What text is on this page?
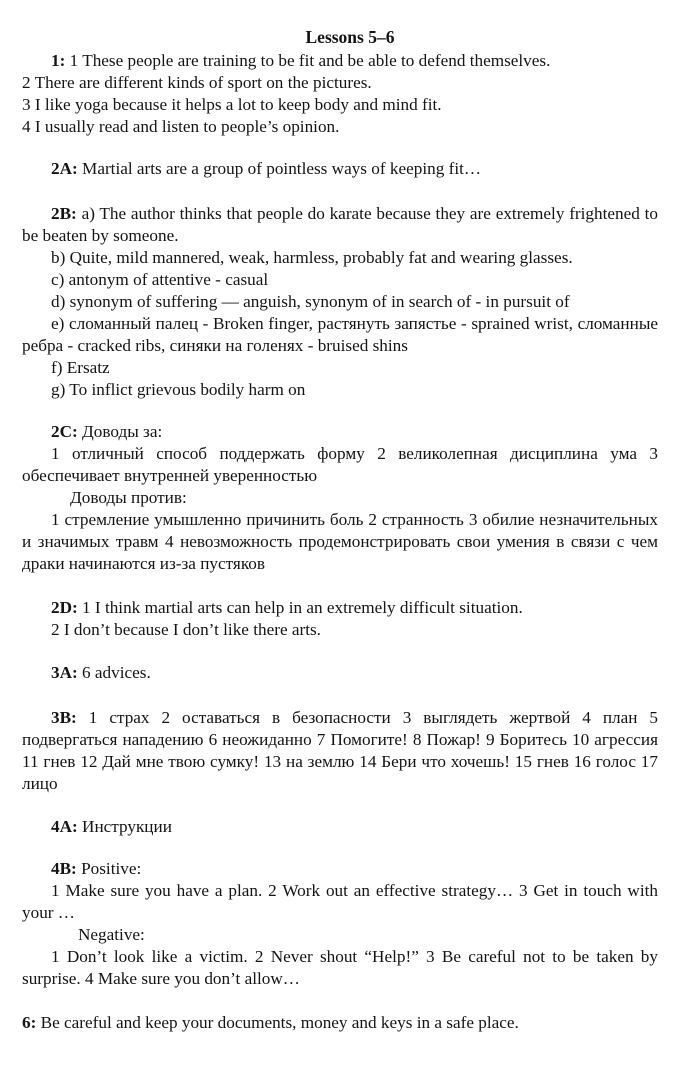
Lessons 5–6

1: 1 These people are training to be fit and be able to defend themselves.

2 There are different kinds of sport on the pictures.

3 I like yoga because it helps a lot to keep body and mind fit.

4 I usually read and listen to people’s opinion.

2A: Martial arts are a group of pointless ways of keeping fit…

2B: a) The author thinks that people do karate because they are extremely frightened to be beaten by someone.

b) Quite, mild mannered, weak, harmless, probably fat and wearing glasses.

c) antonym of attentive - casual

d) synonym of suffering — anguish, synonym of in search of - in pursuit of

e) сломанный палец - Broken finger, растянуть запястье - sprained wrist, сломанные ребра - cracked ribs, синяки на голенях - bruised shins

f) Ersatz

g) To inflict grievous bodily harm on

2C: Доводы за:

1 отличный способ поддержать форму 2 великолепная дисциплина ума 3 обеспечивает внутренней уверенностью

Доводы против:

1 стремление умышленно причинить боль 2 странность 3 обилие незначительных и значимых травм 4 невозможность продемонстрировать свои умения в связи с чем драки начинаются из-за пустяков

2D: 1 I think martial arts can help in an extremely difficult situation.

2 I don’t because I don’t like there arts.

3A: 6 advices.

3B: 1 страх 2 оставаться в безопасности 3 выглядеть жертвой 4 план 5 подвергаться нападению 6 неожиданно 7 Помогите! 8 Пожар! 9 Боритесь 10 агрессия 11 гнев 12 Дай мне твою сумку! 13 на землю 14 Бери что хочешь! 15 гнев 16 голос 17 лицо

4A: Инструкции

4B: Positive:

1 Make sure you have a plan. 2 Work out an effective strategy… 3 Get in touch with your …

Negative:

1 Don’t look like a victim. 2 Never shout “Help!” 3 Be careful not to be taken by surprise. 4 Make sure you don’t allow…

6: Be careful and keep your documents, money and keys in a safe place.
